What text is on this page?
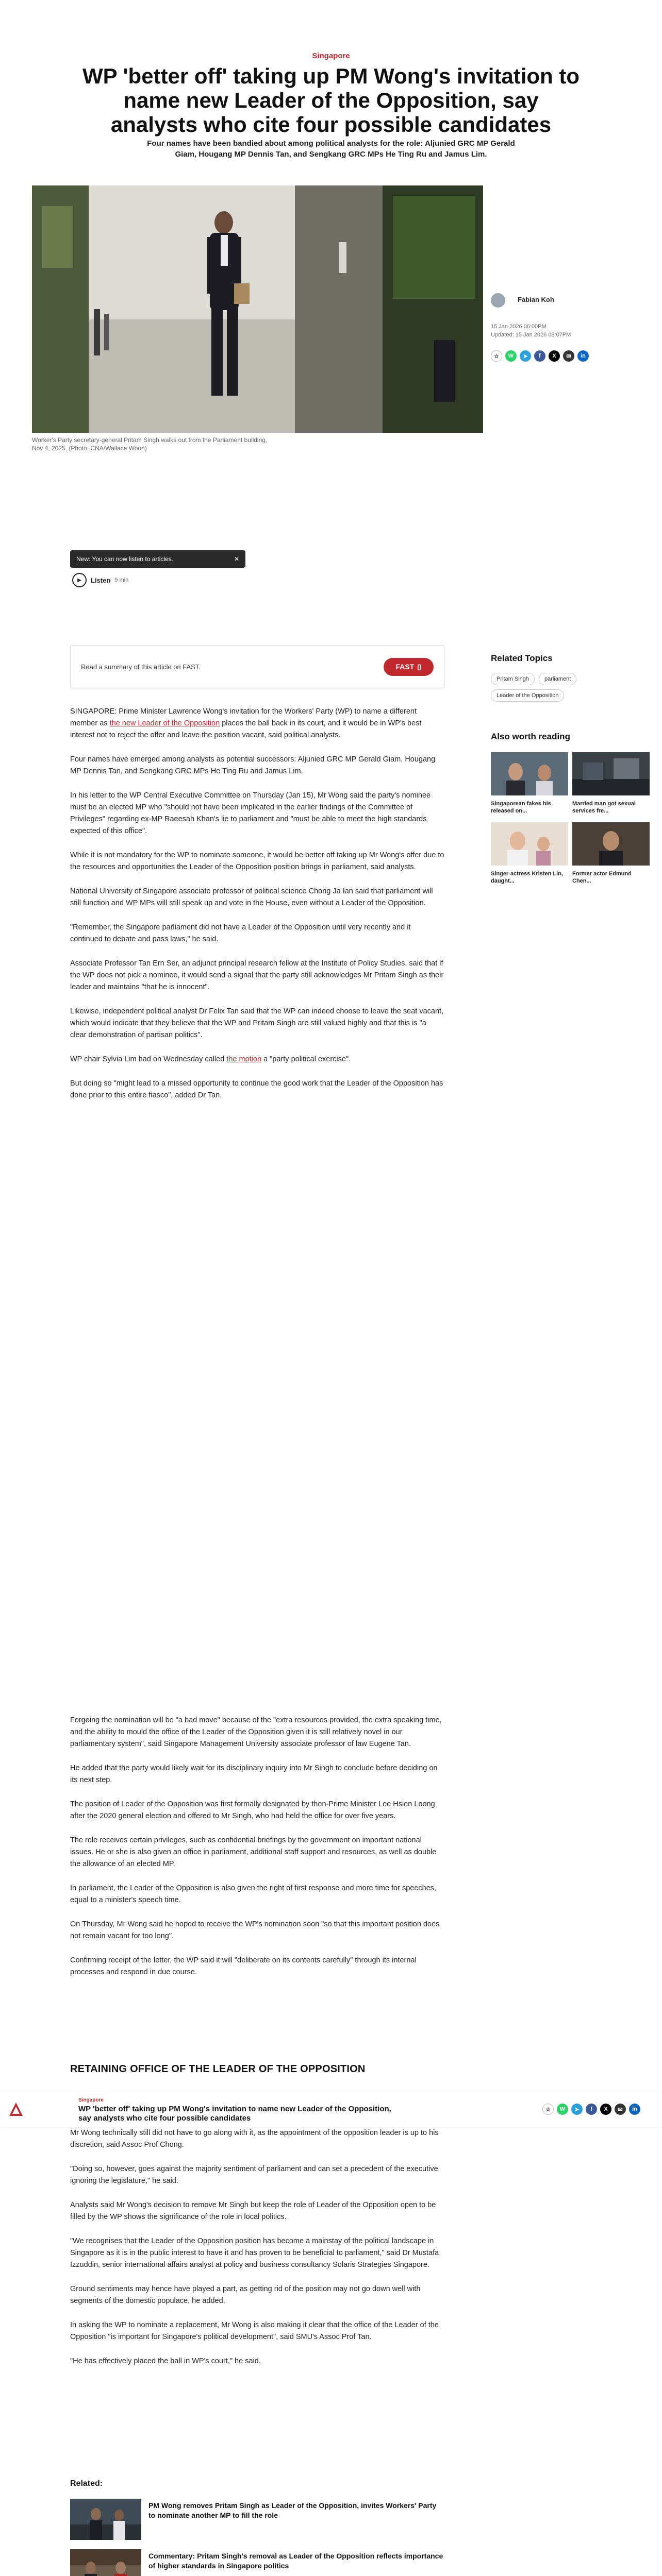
Singapore
WP 'better off' taking up PM Wong's invitation to name new Leader of the Opposition, say analysts who cite four possible candidates

Four names have been bandied about among political analysts for the role: Aljunied GRC MP Gerald Giam, Hougang MP Dennis Tan, and Sengkang GRC MPs He Ting Ru and Jamus Lim.

Worker's Party secretary-general Pritam Singh walks out from the Parliament building, Nov 4, 2025. (Photo: CNA/Wallace Woon)
Fabian Koh
15 Jan 2026 06:00PM
Updated: 15 Jan 2026 08:07PM
☆	W	➤	f	X	✉	in
New: You can now listen to articles.	✕
▶	Listen 9 min
Read a summary of this article on FAST.	FAST ▯

SINGAPORE: Prime Minister Lawrence Wong's invitation for the Workers' Party (WP) to name a different member as the new Leader of the Opposition places the ball back in its court, and it would be in WP's best interest not to reject the offer and leave the position vacant, said political analysts.

Four names have emerged among analysts as potential successors: Aljunied GRC MP Gerald Giam, Hougang MP Dennis Tan, and Sengkang GRC MPs He Ting Ru and Jamus Lim.

In his letter to the WP Central Executive Committee on Thursday (Jan 15), Mr Wong said the party's nominee must be an elected MP who "should not have been implicated in the earlier findings of the Committee of Privileges" regarding ex-MP Raeesah Khan's lie to parliament and "must be able to meet the high standards expected of this office".

While it is not mandatory for the WP to nominate someone, it would be better off taking up Mr Wong's offer due to the resources and opportunities the Leader of the Opposition position brings in parliament, said analysts.

National University of Singapore associate professor of political science Chong Ja Ian said that parliament will still function and WP MPs will still speak up and vote in the House, even without a Leader of the Opposition.

"Remember, the Singapore parliament did not have a Leader of the Opposition until very recently and it continued to debate and pass laws," he said.

Associate Professor Tan Ern Ser, an adjunct principal research fellow at the Institute of Policy Studies, said that if the WP does not pick a nominee, it would send a signal that the party still acknowledges Mr Pritam Singh as their leader and maintains "that he is innocent".

Likewise, independent political analyst Dr Felix Tan said that the WP can indeed choose to leave the seat vacant, which would indicate that they believe that the WP and Pritam Singh are still valued highly and that this is "a clear demonstration of partisan politics".

WP chair Sylvia Lim had on Wednesday called the motion a "party political exercise".

But doing so "might lead to a missed opportunity to continue the good work that the Leader of the Opposition has done prior to this entire fiasco", added Dr Tan.

Forgoing the nomination will be "a bad move" because of the "extra resources provided, the extra speaking time, and the ability to mould the office of the Leader of the Opposition given it is still relatively novel in our parliamentary system", said Singapore Management University associate professor of law Eugene Tan.

He added that the party would likely wait for its disciplinary inquiry into Mr Singh to conclude before deciding on its next step.

The position of Leader of the Opposition was first formally designated by then-Prime Minister Lee Hsien Loong after the 2020 general election and offered to Mr Singh, who had held the office for over five years.

The role receives certain privileges, such as confidential briefings by the government on important national issues. He or she is also given an office in parliament, additional staff support and resources, as well as double the allowance of an elected MP.

In parliament, the Leader of the Opposition is also given the right of first response and more time for speeches, equal to a minister's speech time.

On Thursday, Mr Wong said he hoped to receive the WP's nomination soon "so that this important position does not remain vacant for too long".

Confirming receipt of the letter, the WP said it will "deliberate on its contents carefully" through its internal processes and respond in due course.

RETAINING OFFICE OF THE LEADER OF THE OPPOSITION
Singapore
WP 'better off' taking up PM Wong's invitation to name new Leader of the Opposition, say analysts who cite four possible candidates
☆	W	➤	f	X	✉	in

Mr Wong technically still did not have to go along with it, as the appointment of the opposition leader is up to his discretion, said Assoc Prof Chong.

"Doing so, however, goes against the majority sentiment of parliament and can set a precedent of the executive ignoring the legislature," he said.

Analysts said Mr Wong's decision to remove Mr Singh but keep the role of Leader of the Opposition open to be filled by the WP shows the significance of the role in local politics.

"We recognises that the Leader of the Opposition position has become a mainstay of the political landscape in Singapore as it is in the public interest to have it and has proven to be beneficial to parliament," said Dr Mustafa Izzuddin, senior international affairs analyst at policy and business consultancy Solaris Strategies Singapore.

Ground sentiments may hence have played a part, as getting rid of the position may not go down well with segments of the domestic populace, he added.

In asking the WP to nominate a replacement, Mr Wong is also making it clear that the office of the Leader of the Opposition "is important for Singapore's political development", said SMU's Assoc Prof Tan.

"He has effectively placed the ball in WP's court," he said.

Related:
PM Wong removes Pritam Singh as Leader of the Opposition, invites Workers' Party to nominate another MP to fill the role
Commentary: Pritam Singh's removal as Leader of the Opposition reflects importance of higher standards in Singapore politics

Related Topics
Pritam Singh	parliament
Leader of the Opposition
Also worth reading
Singaporean fakes his released on...
Married man got sexual services fre...
Singer-actress Kristen Lin, daught...
Former actor Edmund Chen...
